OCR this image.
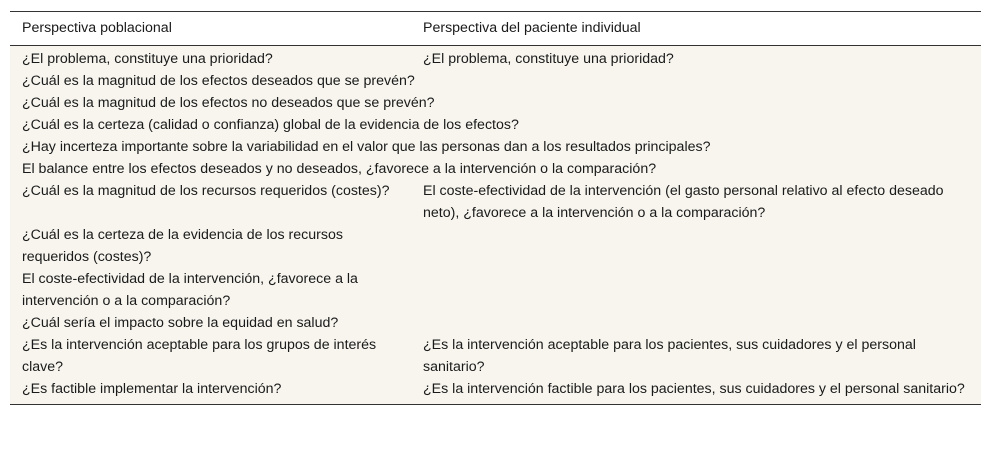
Perspectiva poblacional	Perspectiva del paciente individual
¿El problema, constituye una prioridad?	¿El problema, constituye una prioridad?
¿Cuál es la magnitud de los efectos deseados que se prevén?	
¿Cuál es la magnitud de los efectos no deseados que se prevén?	
¿Cuál es la certeza (calidad o confianza) global de la evidencia de los efectos?	
¿Hay incerteza importante sobre la variabilidad en el valor que las personas dan a los resultados principales?	
El balance entre los efectos deseados y no deseados, ¿favorece a la intervención o la comparación?	
¿Cuál es la magnitud de los recursos requeridos (costes)?	El coste-efectividad de la intervención (el gasto personal relativo al efecto deseado neto), ¿favorece a la intervención o a la comparación?
¿Cuál es la certeza de la evidencia de los recursos requeridos (costes)?	
El coste-efectividad de la intervención, ¿favorece a la intervención o a la comparación?	
¿Cuál sería el impacto sobre la equidad en salud?	
¿Es la intervención aceptable para los grupos de interés clave?	¿Es la intervención aceptable para los pacientes, sus cuidadores y el personal sanitario?
¿Es factible implementar la intervención?	¿Es la intervención factible para los pacientes, sus cuidadores y el personal sanitario?
